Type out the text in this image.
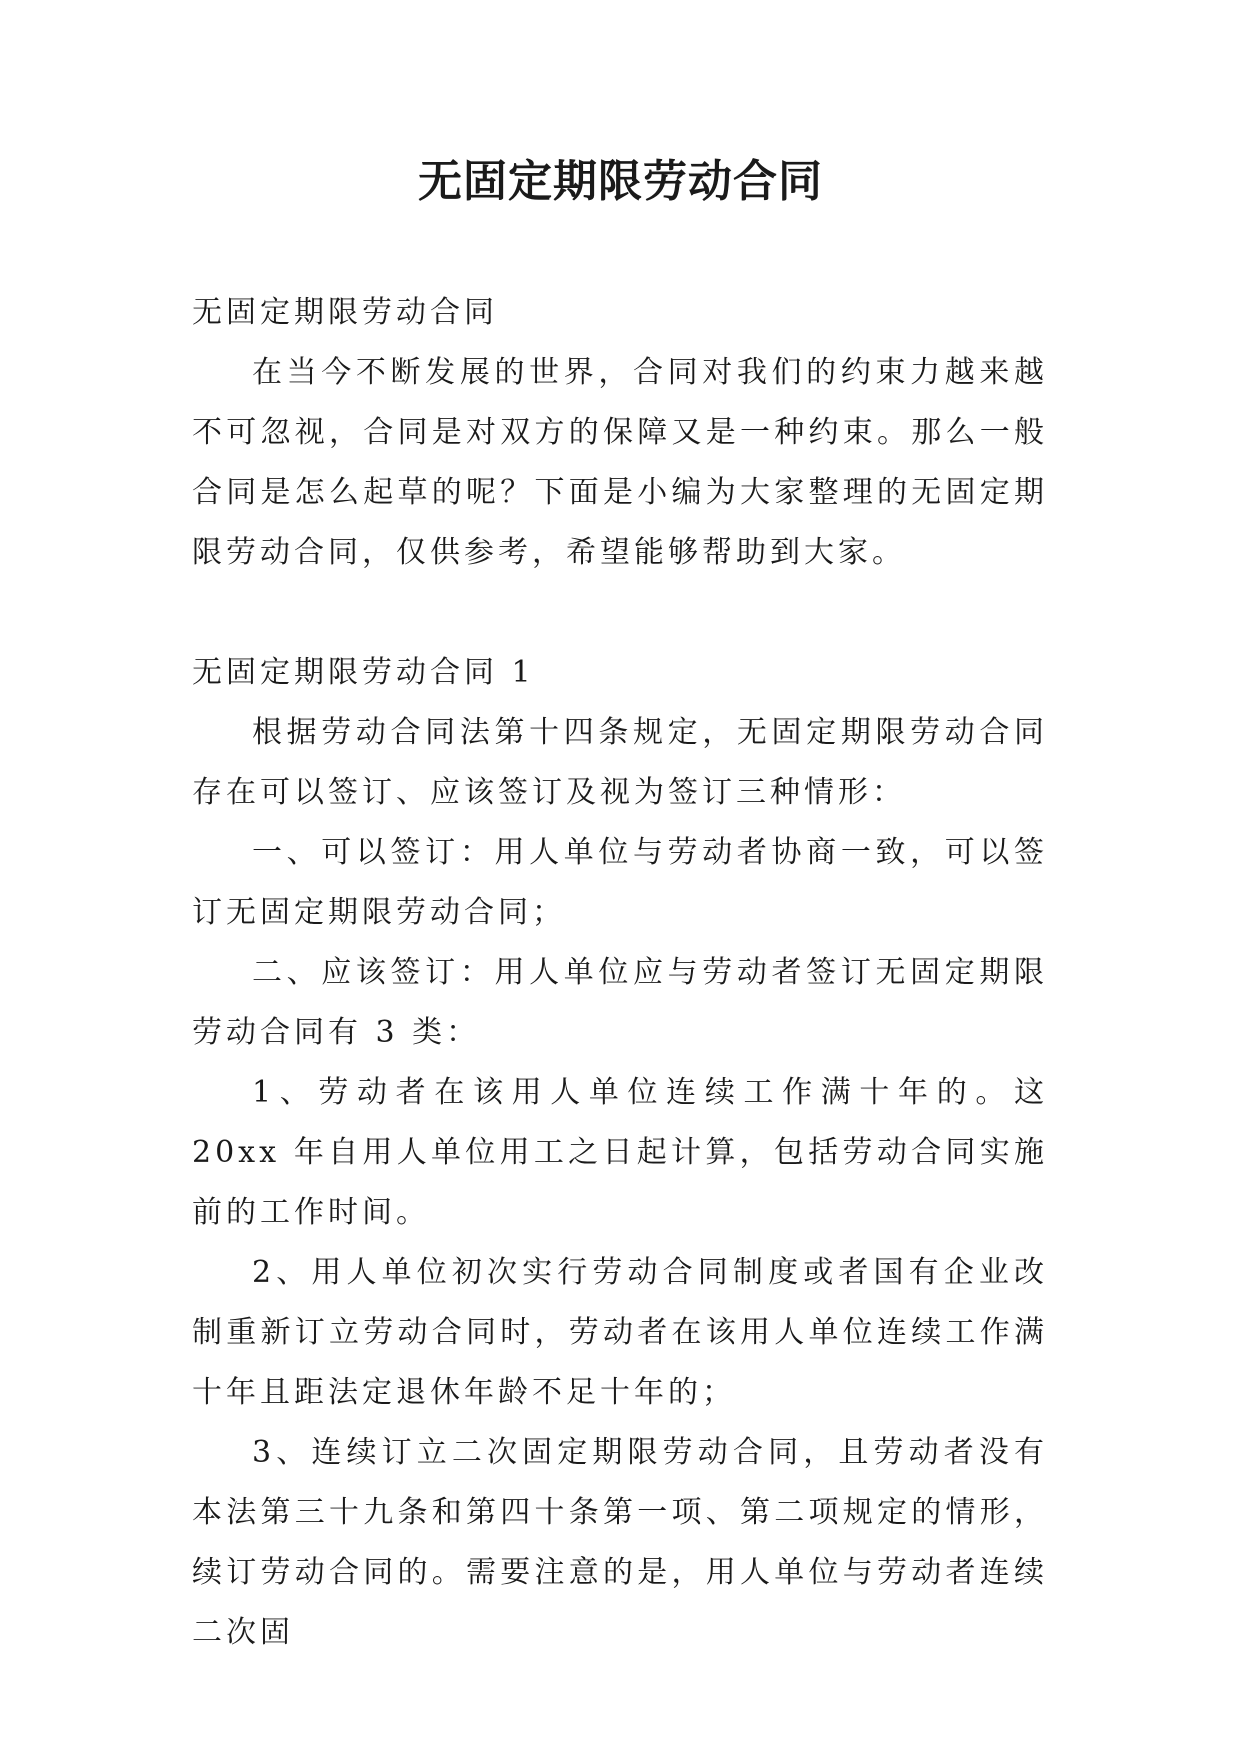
无固定期限劳动合同

无固定期限劳动合同

在当今不断发展的世界，合同对我们的约束力越来越不可忽视，合同是对双方的保障又是一种约束。那么一般合同是怎么起草的呢？下面是小编为大家整理的无固定期限劳动合同，仅供参考，希望能够帮助到大家。

无固定期限劳动合同 1

根据劳动合同法第十四条规定，无固定期限劳动合同存在可以签订、应该签订及视为签订三种情形：

一、可以签订：用人单位与劳动者协商一致，可以签订无固定期限劳动合同；

二、应该签订：用人单位应与劳动者签订无固定期限劳动合同有 3 类：

1、劳动者在该用人单位连续工作满十年的。这 20xx 年自用人单位用工之日起计算，包括劳动合同实施前的工作时间。

2、用人单位初次实行劳动合同制度或者国有企业改制重新订立劳动合同时，劳动者在该用人单位连续工作满十年且距法定退休年龄不足十年的；

3、连续订立二次固定期限劳动合同，且劳动者没有本法第三十九条和第四十条第一项、第二项规定的情形，续订劳动合同的。需要注意的是，用人单位与劳动者连续二次固
